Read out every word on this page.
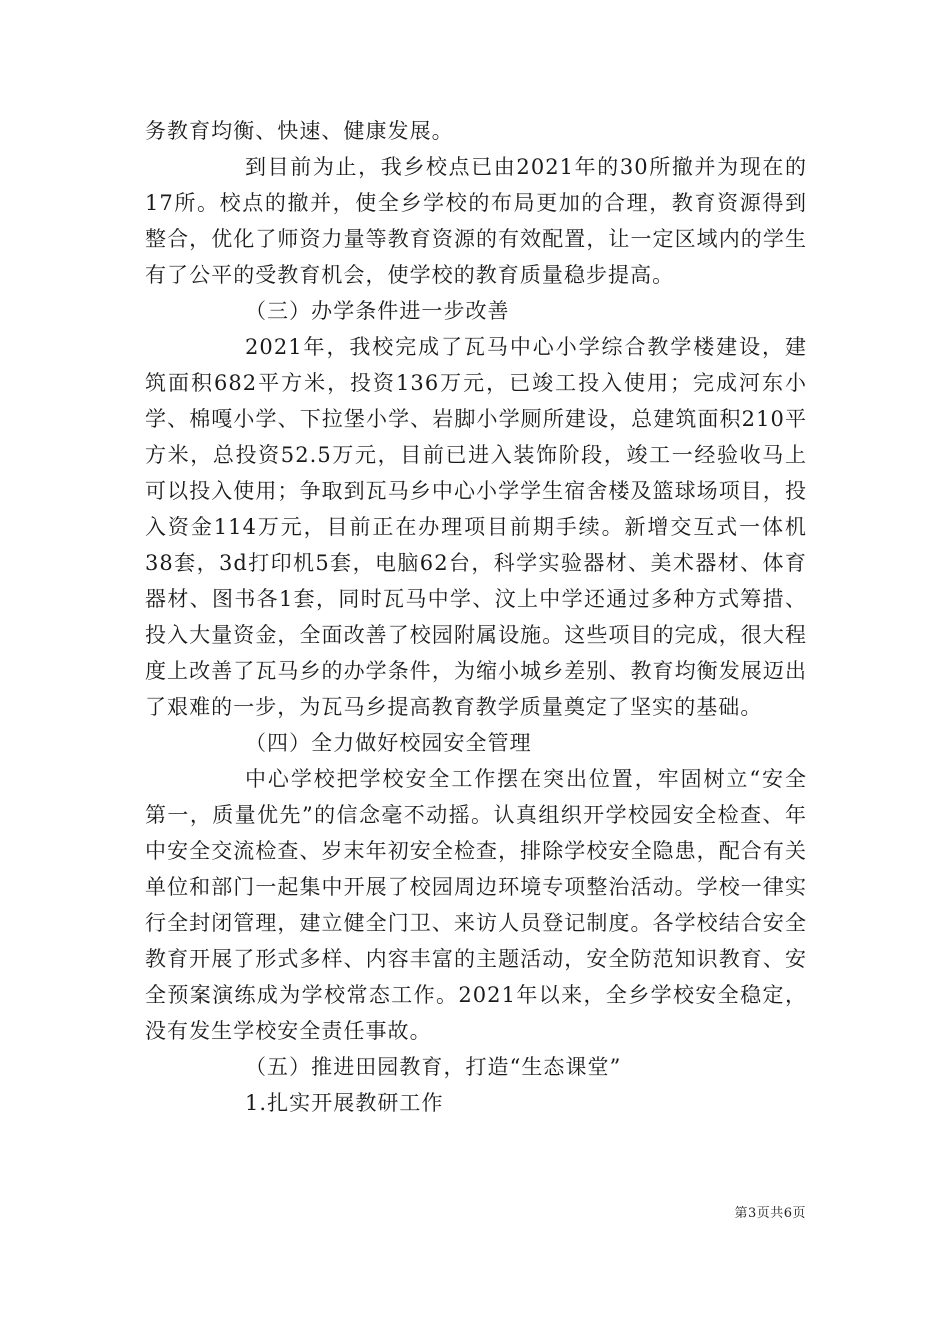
务教育均衡、快速、健康发展。

到目前为止，我乡校点已由2021年的30所撤并为现在的17所。校点的撤并，使全乡学校的布局更加的合理，教育资源得到整合，优化了师资力量等教育资源的有效配置，让一定区域内的学生有了公平的受教育机会，使学校的教育质量稳步提高。

（三）办学条件进一步改善

2021年，我校完成了瓦马中心小学综合教学楼建设，建筑面积682平方米，投资136万元，已竣工投入使用；完成河东小学、棉嘎小学、下拉堡小学、岩脚小学厕所建设，总建筑面积210平方米，总投资52.5万元，目前已进入装饰阶段，竣工一经验收马上可以投入使用；争取到瓦马乡中心小学学生宿舍楼及篮球场项目，投入资金114万元，目前正在办理项目前期手续。新增交互式一体机38套，3d打印机5套，电脑62台，科学实验器材、美术器材、体育器材、图书各1套，同时瓦马中学、汶上中学还通过多种方式筹措、投入大量资金，全面改善了校园附属设施。这些项目的完成，很大程度上改善了瓦马乡的办学条件，为缩小城乡差别、教育均衡发展迈出了艰难的一步，为瓦马乡提高教育教学质量奠定了坚实的基础。

（四）全力做好校园安全管理

中心学校把学校安全工作摆在突出位置，牢固树立“安全第一，质量优先”的信念毫不动摇。认真组织开学校园安全检查、年中安全交流检查、岁末年初安全检查，排除学校安全隐患，配合有关单位和部门一起集中开展了校园周边环境专项整治活动。学校一律实行全封闭管理，建立健全门卫、来访人员登记制度。各学校结合安全教育开展了形式多样、内容丰富的主题活动，安全防范知识教育、安全预案演练成为学校常态工作。2021年以来，全乡学校安全稳定，没有发生学校安全责任事故。

（五）推进田园教育，打造“生态课堂”

1.扎实开展教研工作

第3页共6页
